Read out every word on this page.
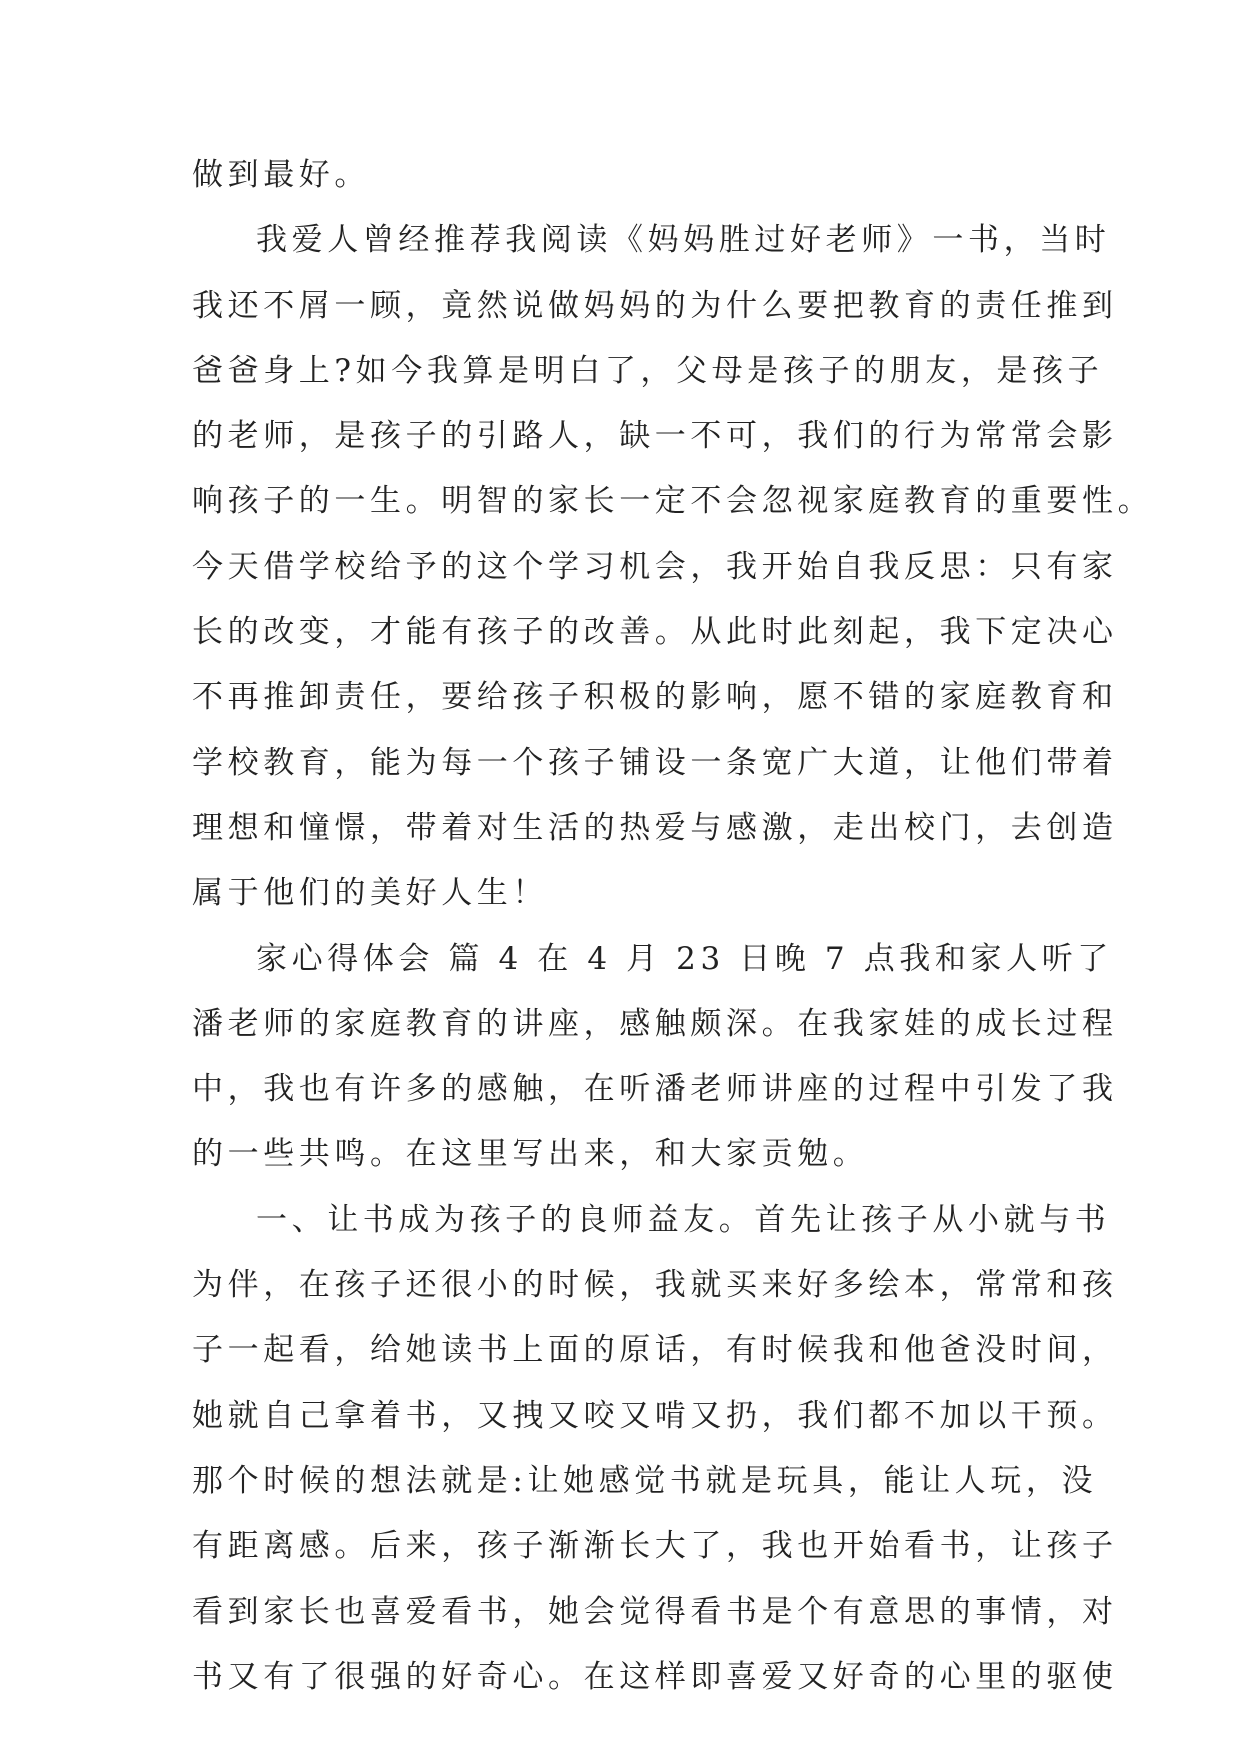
做到最好。
我爱人曾经推荐我阅读《妈妈胜过好老师》一书，当时
我还不屑一顾，竟然说做妈妈的为什么要把教育的责任推到
爸爸身上?如今我算是明白了，父母是孩子的朋友，是孩子
的老师，是孩子的引路人，缺一不可，我们的行为常常会影
响孩子的一生。明智的家长一定不会忽视家庭教育的重要性。
今天借学校给予的这个学习机会，我开始自我反思：只有家
长的改变，才能有孩子的改善。从此时此刻起，我下定决心
不再推卸责任，要给孩子积极的影响，愿不错的家庭教育和
学校教育，能为每一个孩子铺设一条宽广大道，让他们带着
理想和憧憬，带着对生活的热爱与感激，走出校门，去创造
属于他们的美好人生！
家心得体会 篇 4 在 4 月 23 日晚 7 点我和家人听了
潘老师的家庭教育的讲座，感触颇深。在我家娃的成长过程
中，我也有许多的感触，在听潘老师讲座的过程中引发了我
的一些共鸣。在这里写出来，和大家贡勉。
一、让书成为孩子的良师益友。首先让孩子从小就与书
为伴，在孩子还很小的时候，我就买来好多绘本，常常和孩
子一起看，给她读书上面的原话，有时候我和他爸没时间，
她就自己拿着书，又拽又咬又啃又扔，我们都不加以干预。
那个时候的想法就是:让她感觉书就是玩具，能让人玩，没
有距离感。后来，孩子渐渐长大了，我也开始看书，让孩子
看到家长也喜爱看书，她会觉得看书是个有意思的事情，对
书又有了很强的好奇心。在这样即喜爱又好奇的心里的驱使
